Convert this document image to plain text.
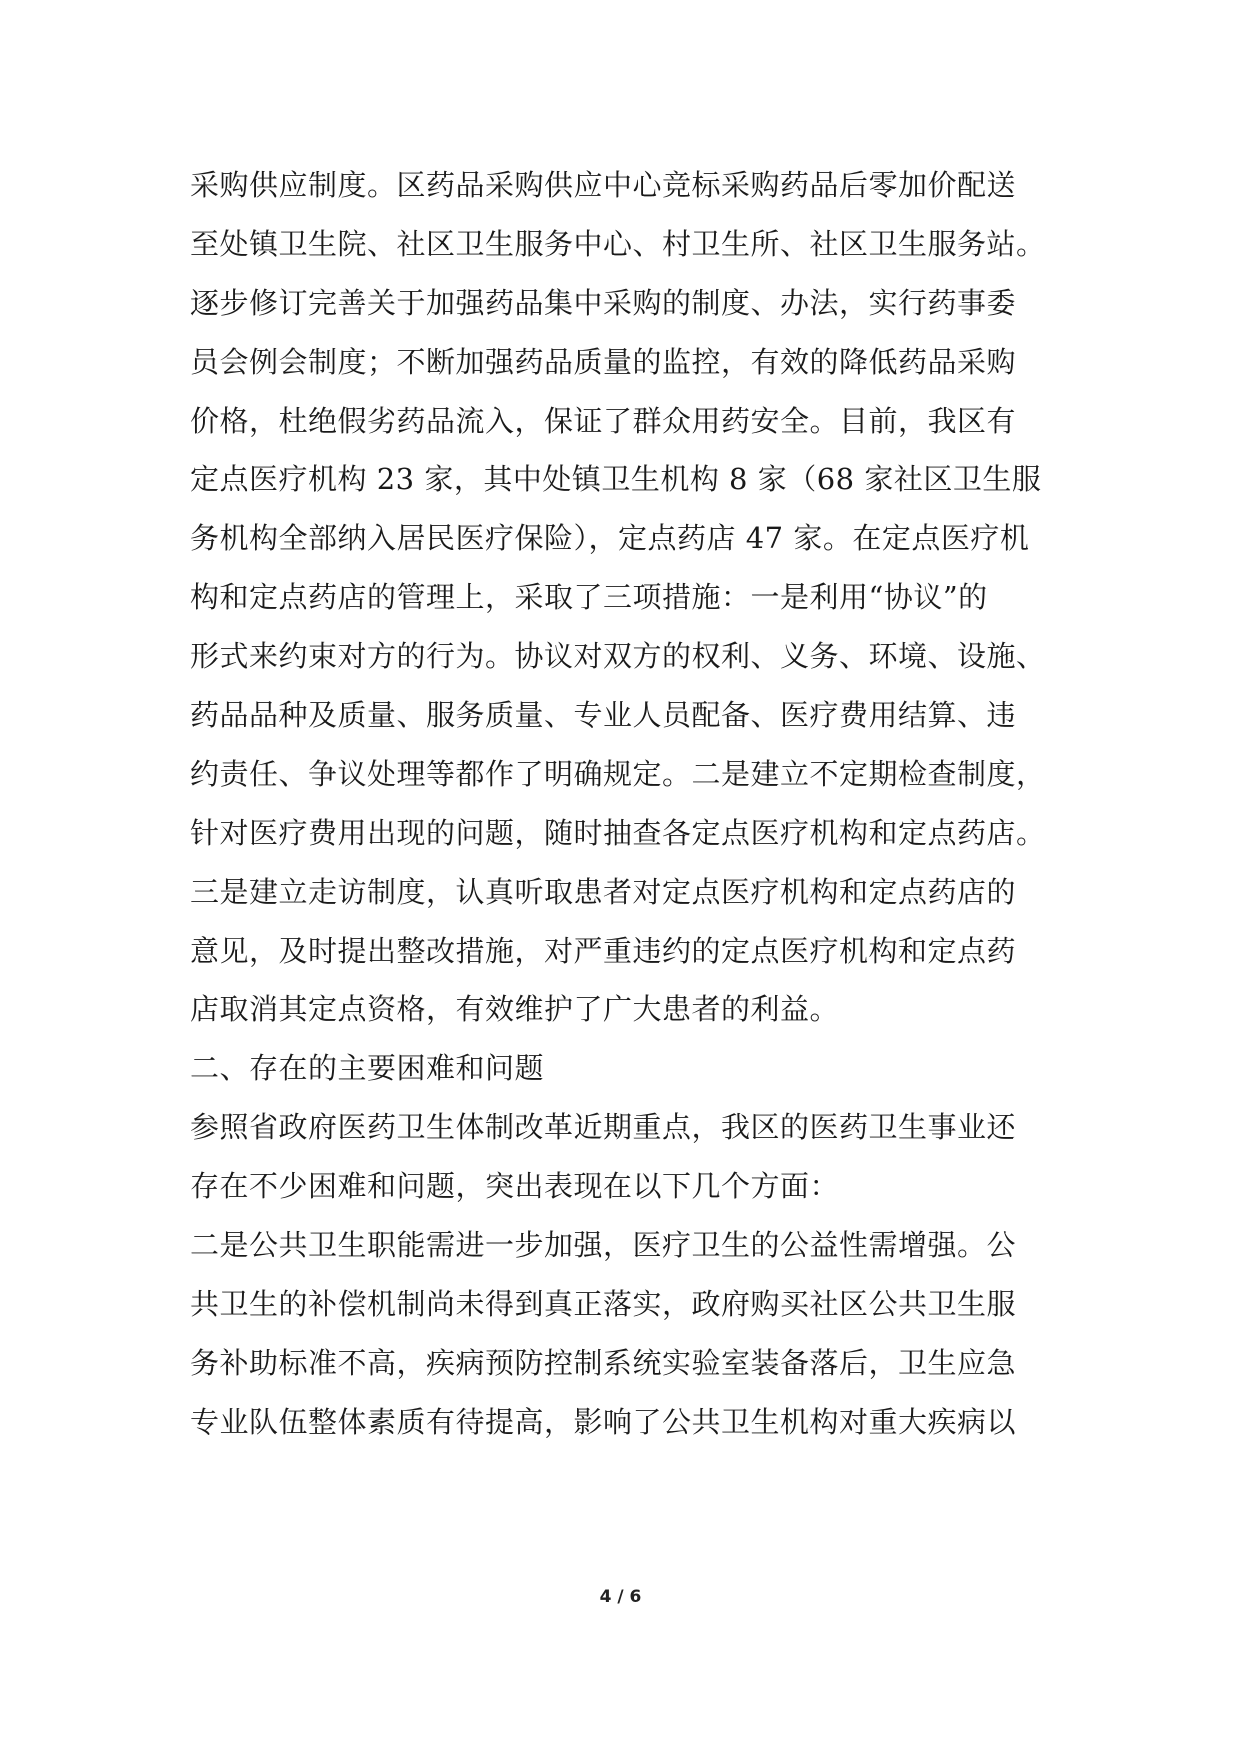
采购供应制度。区药品采购供应中心竞标采购药品后零加价配送
至处镇卫生院、社区卫生服务中心、村卫生所、社区卫生服务站。
逐步修订完善关于加强药品集中采购的制度、办法，实行药事委
员会例会制度；不断加强药品质量的监控，有效的降低药品采购
价格，杜绝假劣药品流入，保证了群众用药安全。目前，我区有
定点医疗机构 23 家，其中处镇卫生机构 8 家（68 家社区卫生服
务机构全部纳入居民医疗保险），定点药店 47 家。在定点医疗机
构和定点药店的管理上，采取了三项措施：一是利用“协议”的
形式来约束对方的行为。协议对双方的权利、义务、环境、设施、
药品品种及质量、服务质量、专业人员配备、医疗费用结算、违
约责任、争议处理等都作了明确规定。二是建立不定期检查制度，
针对医疗费用出现的问题，随时抽查各定点医疗机构和定点药店。
三是建立走访制度，认真听取患者对定点医疗机构和定点药店的
意见，及时提出整改措施，对严重违约的定点医疗机构和定点药
店取消其定点资格，有效维护了广大患者的利益。
二、存在的主要困难和问题
参照省政府医药卫生体制改革近期重点，我区的医药卫生事业还
存在不少困难和问题，突出表现在以下几个方面：
二是公共卫生职能需进一步加强，医疗卫生的公益性需增强。公
共卫生的补偿机制尚未得到真正落实，政府购买社区公共卫生服
务补助标准不高，疾病预防控制系统实验室装备落后，卫生应急
专业队伍整体素质有待提高，影响了公共卫生机构对重大疾病以
4 / 6
